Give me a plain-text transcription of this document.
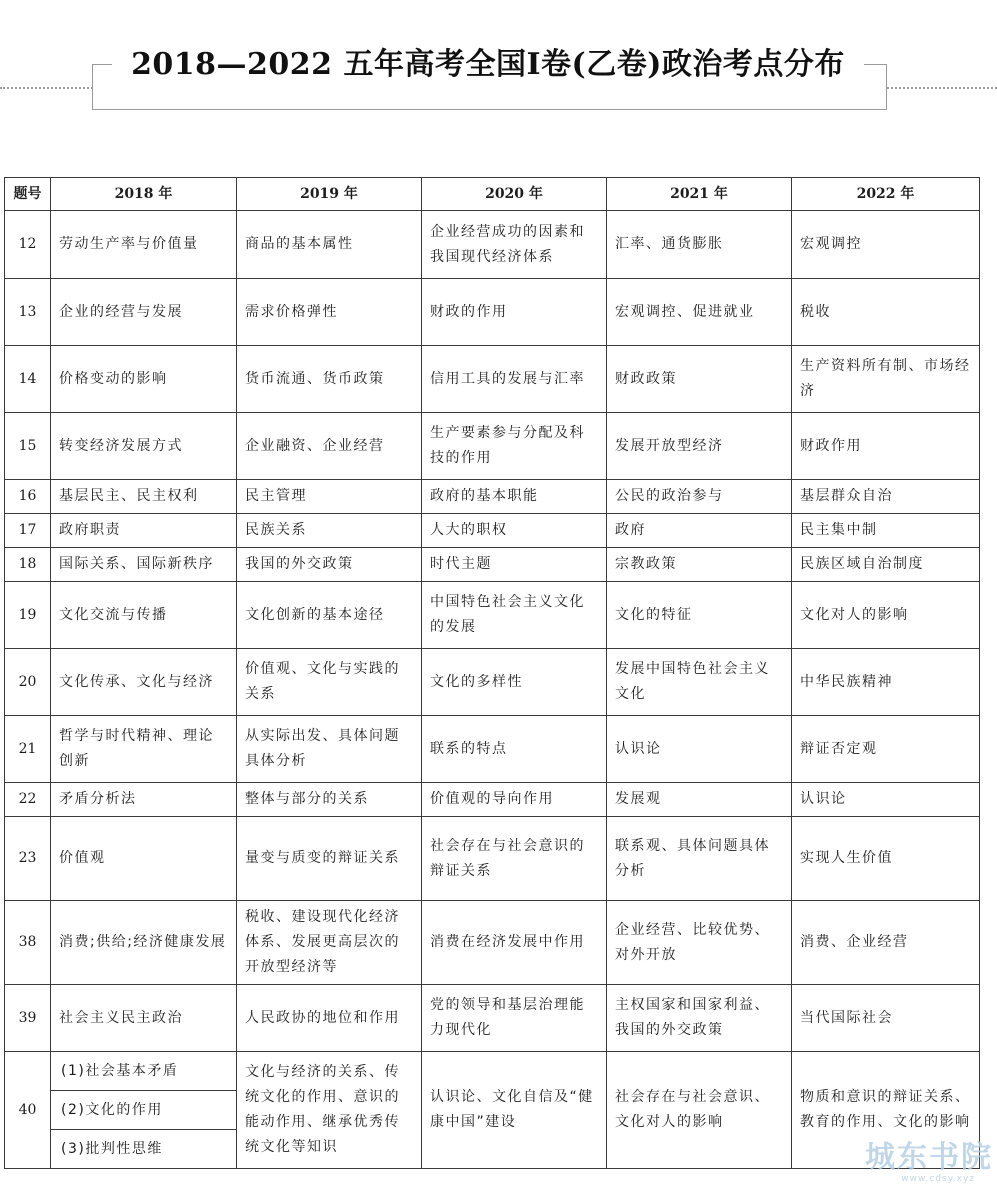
2018—2022 五年高考全国Ⅰ卷(乙卷)政治考点分布
题号	2018 年	2019 年	2020 年	2021 年	2022 年
12	劳动生产率与价值量	商品的基本属性	企业经营成功的因素和我国现代经济体系	汇率、通货膨胀	宏观调控
13	企业的经营与发展	需求价格弹性	财政的作用	宏观调控、促进就业	税收
14	价格变动的影响	货币流通、货币政策	信用工具的发展与汇率	财政政策	生产资料所有制、市场经济
15	转变经济发展方式	企业融资、企业经营	生产要素参与分配及科技的作用	发展开放型经济	财政作用
16	基层民主、民主权利	民主管理	政府的基本职能	公民的政治参与	基层群众自治
17	政府职责	民族关系	人大的职权	政府	民主集中制
18	国际关系、国际新秩序	我国的外交政策	时代主题	宗教政策	民族区域自治制度
19	文化交流与传播	文化创新的基本途径	中国特色社会主义文化的发展	文化的特征	文化对人的影响
20	文化传承、文化与经济	价值观、文化与实践的关系	文化的多样性	发展中国特色社会主义文化	中华民族精神
21	哲学与时代精神、理论创新	从实际出发、具体问题具体分析	联系的特点	认识论	辩证否定观
22	矛盾分析法	整体与部分的关系	价值观的导向作用	发展观	认识论
23	价值观	量变与质变的辩证关系	社会存在与社会意识的辩证关系	联系观、具体问题具体分析	实现人生价值
38	消费;供给;经济健康发展	税收、建设现代化经济体系、发展更高层次的开放型经济等	消费在经济发展中作用	企业经营、比较优势、对外开放	消费、企业经营
39	社会主义民主政治	人民政协的地位和作用	党的领导和基层治理能力现代化	主权国家和国家利益、我国的外交政策	当代国际社会
40	(1)社会基本矛盾	文化与经济的关系、传统文化的作用、意识的能动作用、继承优秀传统文化等知识	认识论、文化自信及“健康中国”建设	社会存在与社会意识、文化对人的影响	物质和意识的辩证关系、教育的作用、文化的影响
	(2)文化的作用				
	(3)批判性思维					城东书院
www.cdsy.xyz
